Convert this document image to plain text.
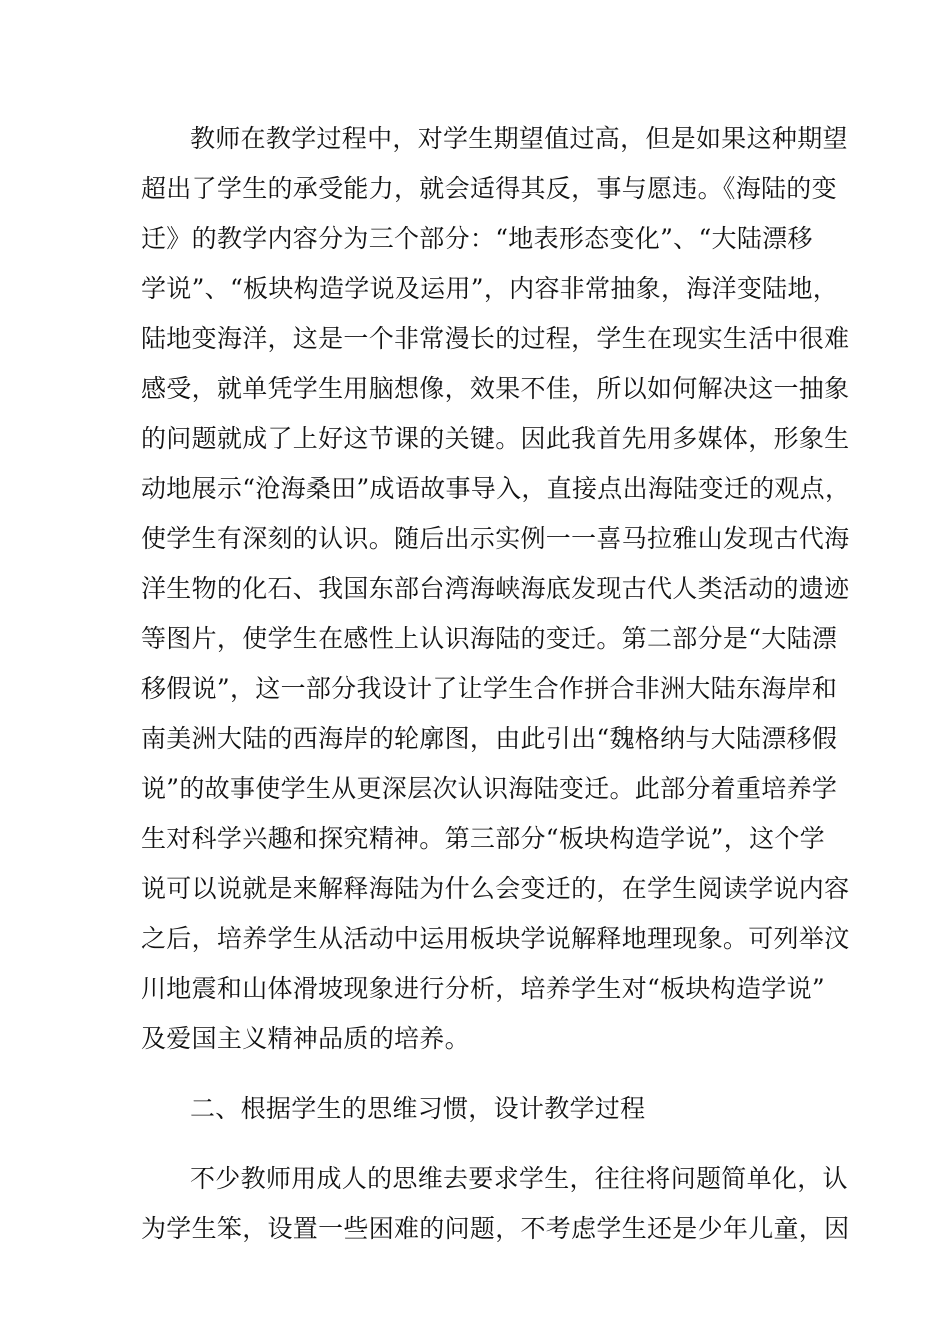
教师在教学过程中，对学生期望值过高，但是如果这种期望
超出了学生的承受能力，就会适得其反，事与愿违。《海陆的变
迁》的教学内容分为三个部分：“地表形态变化”、“大陆漂移
学说”、“板块构造学说及运用”，内容非常抽象，海洋变陆地，
陆地变海洋，这是一个非常漫长的过程，学生在现实生活中很难
感受，就单凭学生用脑想像，效果不佳，所以如何解决这一抽象
的问题就成了上好这节课的关键。因此我首先用多媒体，形象生
动地展示“沧海桑田”成语故事导入，直接点出海陆变迁的观点，
使学生有深刻的认识。随后出示实例一一喜马拉雅山发现古代海
洋生物的化石、我国东部台湾海峡海底发现古代人类活动的遗迹
等图片，使学生在感性上认识海陆的变迁。第二部分是“大陆漂
移假说”，这一部分我设计了让学生合作拼合非洲大陆东海岸和
南美洲大陆的西海岸的轮廓图，由此引出“魏格纳与大陆漂移假
说”的故事使学生从更深层次认识海陆变迁。此部分着重培养学
生对科学兴趣和探究精神。第三部分“板块构造学说”，这个学
说可以说就是来解释海陆为什么会变迁的，在学生阅读学说内容
之后，培养学生从活动中运用板块学说解释地理现象。可列举汶
川地震和山体滑坡现象进行分析，培养学生对“板块构造学说”
及爱国主义精神品质的培养。
二、根据学生的思维习惯，设计教学过程
不少教师用成人的思维去要求学生，往往将问题简单化，认
为学生笨，设置一些困难的问题，不考虑学生还是少年儿童，因
